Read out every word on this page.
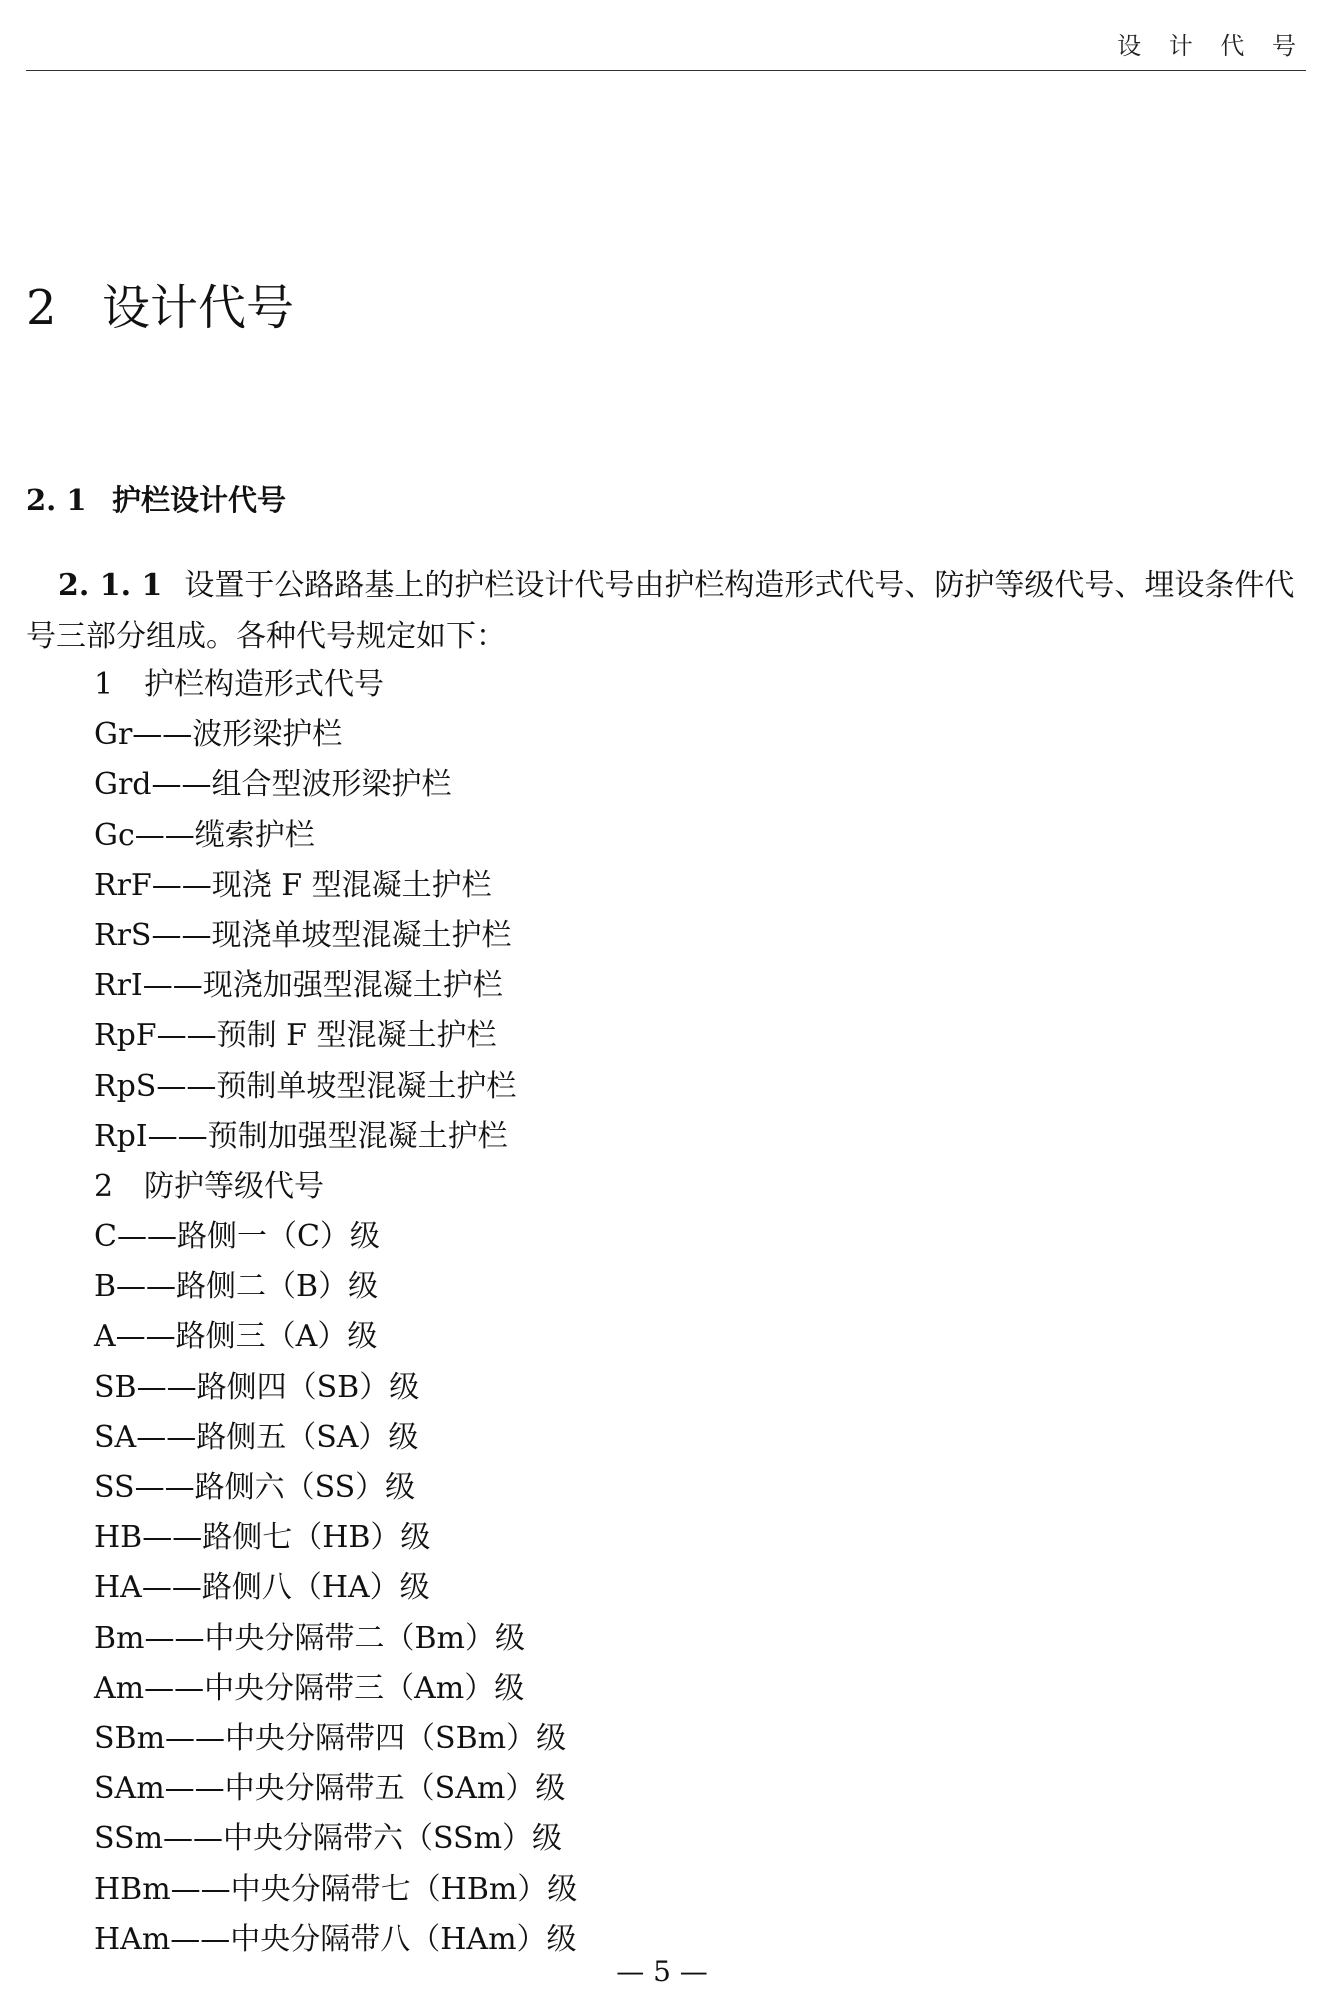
设 计 代 号
2 设计代号
2. 1 护栏设计代号

2. 1. 1 设置于公路路基上的护栏设计代号由护栏构造形式代号、防护等级代号、埋设条件代号三部分组成。各种代号规定如下：

1 护栏构造形式代号
Gr——波形梁护栏
Grd——组合型波形梁护栏
Gc——缆索护栏
RrF——现浇 F 型混凝土护栏
RrS——现浇单坡型混凝土护栏
RrI——现浇加强型混凝土护栏
RpF——预制 F 型混凝土护栏
RpS——预制单坡型混凝土护栏
RpI——预制加强型混凝土护栏
2 防护等级代号
C——路侧一（C）级
B——路侧二（B）级
A——路侧三（A）级
SB——路侧四（SB）级
SA——路侧五（SA）级
SS——路侧六（SS）级
HB——路侧七（HB）级
HA——路侧八（HA）级
Bm——中央分隔带二（Bm）级
Am——中央分隔带三（Am）级
SBm——中央分隔带四（SBm）级
SAm——中央分隔带五（SAm）级
SSm——中央分隔带六（SSm）级
HBm——中央分隔带七（HBm）级
HAm——中央分隔带八（HAm）级
— 5 —
